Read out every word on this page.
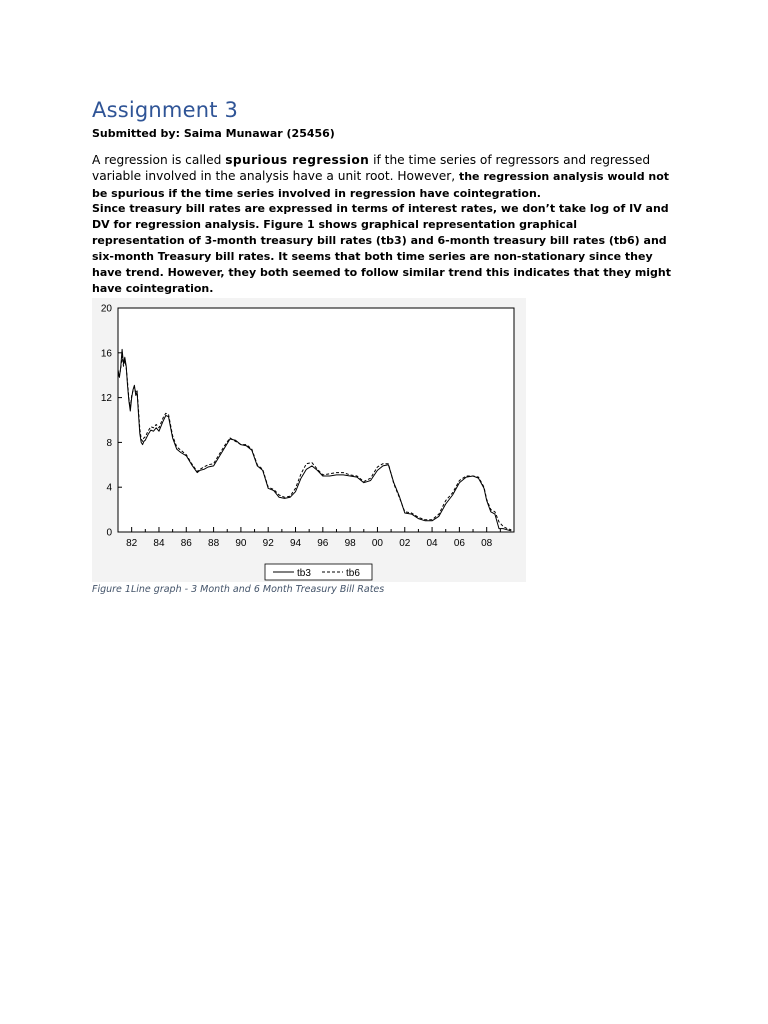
Assignment 3
Submitted by: Saima Munawar (25456)
A regression is called spurious regression if the time series of regressors and regressed variable involved in the analysis have a unit root. However, the regression analysis would not be spurious if the time series involved in regression have cointegration.
Since treasury bill rates are expressed in terms of interest rates, we don’t take log of IV and DV for regression analysis. Figure 1 shows graphical representation graphical representation of 3-month treasury bill rates (tb3) and 6-month treasury bill rates (tb6) and six-month Treasury bill rates. It seems that both time series are non-stationary since they have trend. However, they both seemed to follow similar trend this indicates that they might have cointegration.
0
4
8
12
16
20
82 84 86 88 90 92 94 96 98 00 02 04 06 08
tb3	tb6
Figure 1Line graph - 3 Month and 6 Month Treasury Bill Rates
